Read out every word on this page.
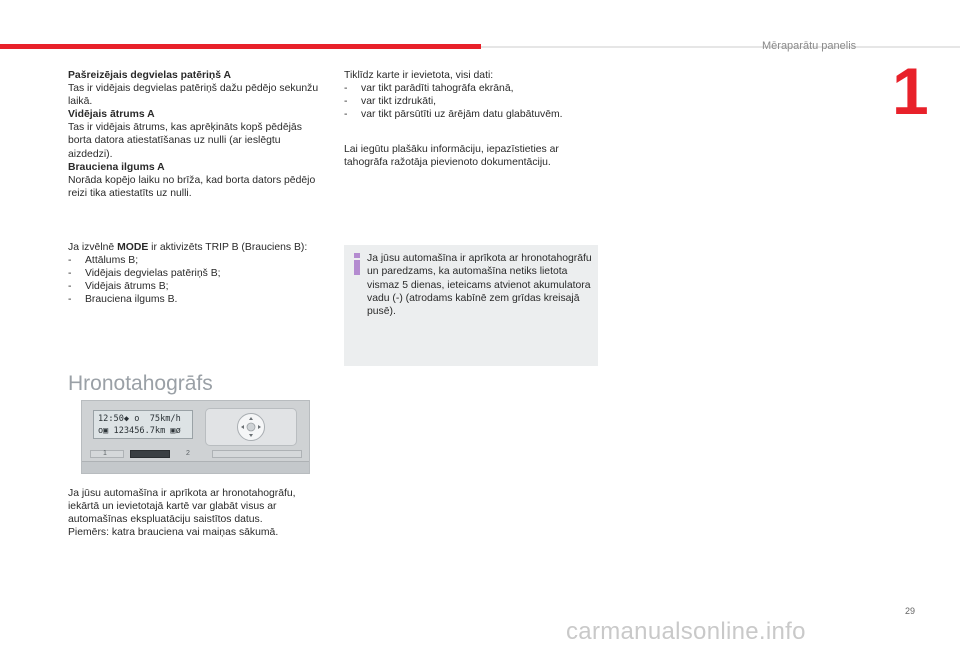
Mēraparātu panelis
1

Pašreizējais degvielas patēriņš A

Tas ir vidējais degvielas patēriņš dažu pēdējo sekunžu laikā.

Vidējais ātrums A

Tas ir vidējais ātrums, kas aprēķināts kopš pēdējās borta datora atiestatīšanas uz nulli (ar ieslēgtu aizdedzi).

Brauciena ilgums A

Norāda kopējo laiku no brīža, kad borta dators pēdējo reizi tika atiestatīts uz nulli.

Ja izvēlnē MODE ir aktivizēts TRIP B (Brauciens B):

- Attālums B;
- Vidējais degvielas patēriņš B;
- Vidējais ātrums B;
- Brauciena ilgums B.
Hronotahogrāfs
12:50◆ o  75km/h
o▣ 123456.7km ▣ø
1	2

Ja jūsu automašīna ir aprīkota ar hronotahogrāfu, iekārtā un ievietotajā kartē var glabāt visus ar automašīnas ekspluatāciju saistītos datus.

Piemērs: katra brauciena vai maiņas sākumā.

Tiklīdz karte ir ievietota, visi dati:

- var tikt parādīti tahogrāfa ekrānā,
- var tikt izdrukāti,
- var tikt pārsūtīti uz ārējām datu glabātuvēm.

Lai iegūtu plašāku informāciju, iepazīstieties ar tahogrāfa ražotāja pievienoto dokumentāciju.

Ja jūsu automašīna ir aprīkota ar hronotahogrāfu un paredzams, ka automašīna netiks lietota vismaz 5 dienas, ieteicams atvienot akumulatora vadu (-) (atrodams kabīnē zem grīdas kreisajā pusē).
29
carmanualsonline.info
